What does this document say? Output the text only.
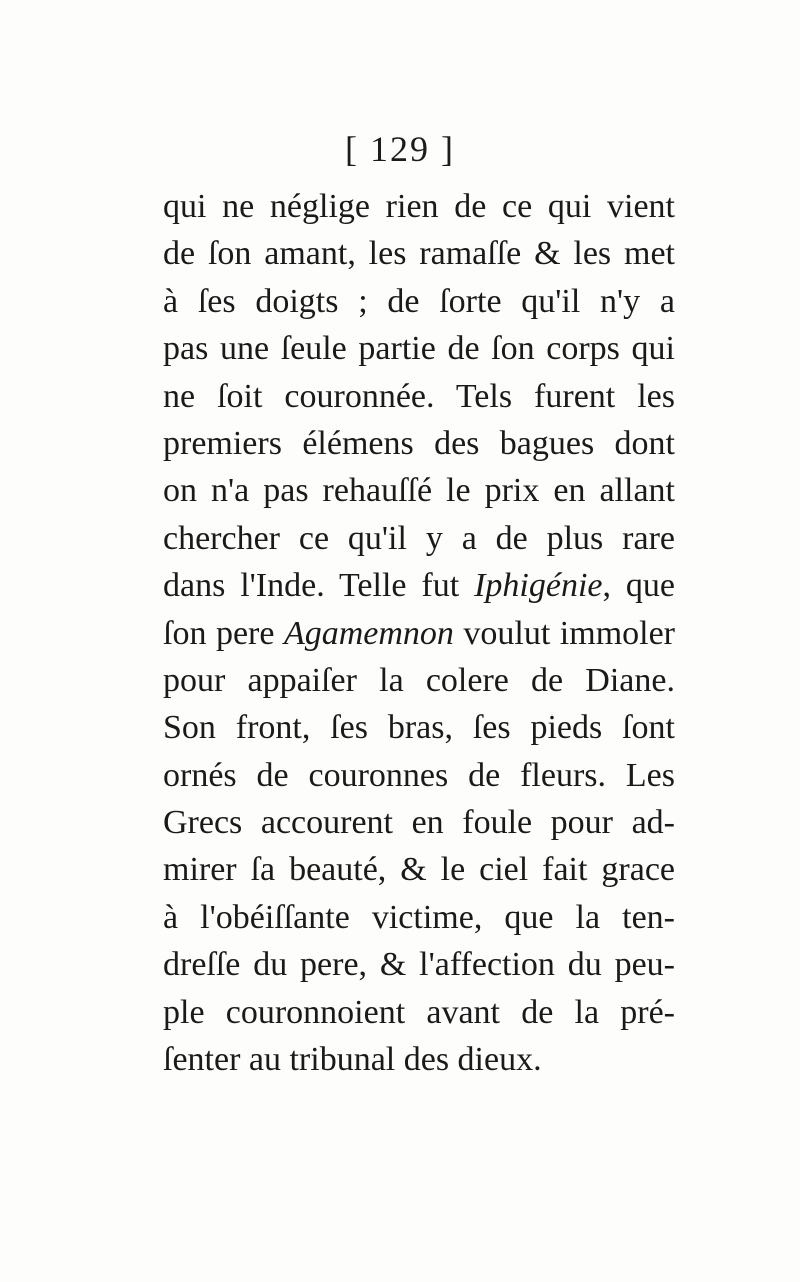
[ 129 ]
qui ne néglige rien de ce qui vient
de ſon amant, les ramaſſe & les met
à ſes doigts ; de ſorte qu'il n'y a
pas une ſeule partie de ſon corps qui
ne ſoit couronnée. Tels furent les
premiers élémens des bagues dont
on n'a pas rehauſſé le prix en allant
chercher ce qu'il y a de plus rare
dans l'Inde. Telle fut Iphigénie, que
ſon pere Agamemnon voulut immoler
pour appaiſer la colere de Diane.
Son front, ſes bras, ſes pieds ſont
ornés de couronnes de fleurs. Les
Grecs accourent en foule pour ad-
mirer ſa beauté, & le ciel fait grace
à l'obéiſſante victime, que la ten-
dreſſe du pere, & l'affection du peu-
ple couronnoient avant de la pré-
ſenter au tribunal des dieux.
